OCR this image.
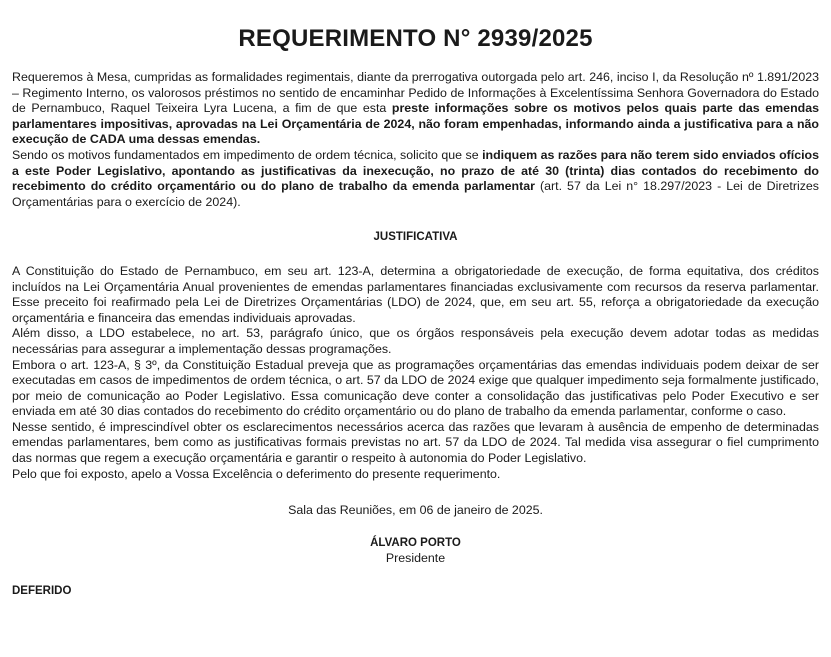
REQUERIMENTO N° 2939/2025

Requeremos à Mesa, cumpridas as formalidades regimentais, diante da prerrogativa outorgada pelo art. 246, inciso I, da Resolução nº 1.891/2023 – Regimento Interno, os valorosos préstimos no sentido de encaminhar Pedido de Informações à Excelentíssima Senhora Governadora do Estado de Pernambuco, Raquel Teixeira Lyra Lucena, a fim de que esta preste informações sobre os motivos pelos quais parte das emendas parlamentares impositivas, aprovadas na Lei Orçamentária de 2024, não foram empenhadas, informando ainda a justificativa para a não execução de CADA uma dessas emendas.

Sendo os motivos fundamentados em impedimento de ordem técnica, solicito que se indiquem as razões para não terem sido enviados ofícios a este Poder Legislativo, apontando as justificativas da inexecução, no prazo de até 30 (trinta) dias contados do recebimento do recebimento do crédito orçamentário ou do plano de trabalho da emenda parlamentar (art. 57 da Lei n° 18.297/2023 - Lei de Diretrizes Orçamentárias para o exercício de 2024).

JUSTIFICATIVA

A Constituição do Estado de Pernambuco, em seu art. 123-A, determina a obrigatoriedade de execução, de forma equitativa, dos créditos incluídos na Lei Orçamentária Anual provenientes de emendas parlamentares financiadas exclusivamente com recursos da reserva parlamentar. Esse preceito foi reafirmado pela Lei de Diretrizes Orçamentárias (LDO) de 2024, que, em seu art. 55, reforça a obrigatoriedade da execução orçamentária e financeira das emendas individuais aprovadas.

Além disso, a LDO estabelece, no art. 53, parágrafo único, que os órgãos responsáveis pela execução devem adotar todas as medidas necessárias para assegurar a implementação dessas programações.

Embora o art. 123-A, § 3º, da Constituição Estadual preveja que as programações orçamentárias das emendas individuais podem deixar de ser executadas em casos de impedimentos de ordem técnica, o art. 57 da LDO de 2024 exige que qualquer impedimento seja formalmente justificado, por meio de comunicação ao Poder Legislativo. Essa comunicação deve conter a consolidação das justificativas pelo Poder Executivo e ser enviada em até 30 dias contados do recebimento do crédito orçamentário ou do plano de trabalho da emenda parlamentar, conforme o caso.

Nesse sentido, é imprescindível obter os esclarecimentos necessários acerca das razões que levaram à ausência de empenho de determinadas emendas parlamentares, bem como as justificativas formais previstas no art. 57 da LDO de 2024. Tal medida visa assegurar o fiel cumprimento das normas que regem a execução orçamentária e garantir o respeito à autonomia do Poder Legislativo.

Pelo que foi exposto, apelo a Vossa Excelência o deferimento do presente requerimento.

Sala das Reuniões, em 06 de janeiro de 2025.
ÁLVARO PORTO
Presidente
DEFERIDO
